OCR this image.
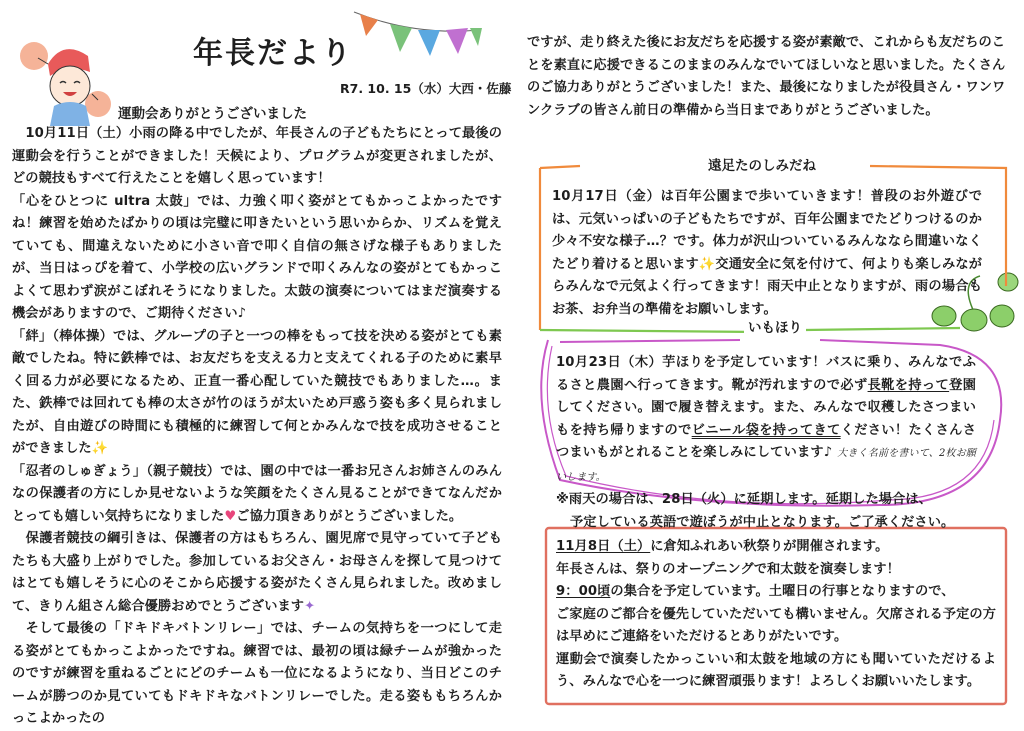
年長だより
R7. 10. 15（水）大西・佐藤
運動会ありがとうございました

　10月11日（土）小雨の降る中でしたが、年長さんの子どもたちにとって最後の運動会を行うことができました！天候により、プログラムが変更されましたが、どの競技もすべて行えたことを嬉しく思っています！

「心をひとつに ultra 太鼓」では、力強く叩く姿がとてもかっこよかったですね！練習を始めたばかりの頃は完璧に叩きたいという思いからか、リズムを覚えていても、間違えないために小さい音で叩く自信の無さげな様子もありましたが、当日はっぴを着て、小学校の広いグランドで叩くみんなの姿がとてもかっこよくて思わず涙がこぼれそうになりました。太鼓の演奏についてはまだ演奏する機会がありますので、ご期待ください♪

「絆」（棒体操）では、グループの子と一つの棒をもって技を決める姿がとても素敵でしたね。特に鉄棒では、お友だちを支える力と支えてくれる子のために素早く回る力が必要になるため、正直一番心配していた競技でもありました…。また、鉄棒では回れても棒の太さが竹のほうが太いため戸惑う姿も多く見られましたが、自由遊びの時間にも積極的に練習して何とかみんなで技を成功させることができました✨

「忍者のしゅぎょう」（親子競技）では、園の中では一番お兄さんお姉さんのみんなの保護者の方にしか見せないような笑顔をたくさん見ることができてなんだかとっても嬉しい気持ちになりました♥ご協力頂きありがとうございました。

　保護者競技の綱引きは、保護者の方はもちろん、園児席で見守っていて子どもたちも大盛り上がりでした。参加しているお父さん・お母さんを探して見つけてはとても嬉しそうに心のそこから応援する姿がたくさん見られました。改めまして、きりん組さん総合優勝おめでとうございます✦

　そして最後の「ドキドキバトンリレー」では、チームの気持ちを一つにして走る姿がとてもかっこよかったですね。練習では、最初の頃は緑チームが強かったのですが練習を重ねるごとにどのチームも一位になるようになり、当日どこのチームが勝つのか見ていてもドキドキなバトンリレーでした。走る姿ももちろんかっこよかったの

ですが、走り終えた後にお友だちを応援する姿が素敵で、これからも友だちのことを素直に応援できるこのままのみんなでいてほしいなと思いました。たくさんのご協力ありがとうございました！また、最後になりましたが役員さん・ワンワンクラブの皆さん前日の準備から当日までありがとうございました。
遠足たのしみだね

10月17日（金）は百年公園まで歩いていきます！普段のお外遊びでは、元気いっぱいの子どもたちですが、百年公園までたどりつけるのか少々不安な様子…？です。体力が沢山ついているみんななら間違いなくたどり着けると思います✨交通安全に気を付けて、何よりも楽しみながらみんなで元気よく行ってきます！雨天中止となりますが、雨の場合もお茶、お弁当の準備をお願いします。

いもほり

10月23日（木）芋ほりを予定しています！バスに乗り、みんなでふるさと農園へ行ってきます。靴が汚れますので必ず長靴を持って登園してください。園で履き替えます。また、みんなで収穫したさつまいもを持ち帰りますのでビニール袋を持ってきてください！たくさんさつまいもがとれることを楽しみにしています♪ 大きく名前を書いて、2枚お願いします。

※雨天の場合は、28日（火）に延期します。延期した場合は、

予定している英語で遊ぼうが中止となります。ご了承ください。

11月8日（土）に倉知ふれあい秋祭りが開催されます。

年長さんは、祭りのオープニングで和太鼓を演奏します！

9：00頃の集合を予定しています。土曜日の行事となりますので、

ご家庭のご都合を優先していただいても構いません。欠席される予定の方は早めにご連絡をいただけるとありがたいです。

運動会で演奏したかっこいい和太鼓を地域の方にも聞いていただけるよう、みんなで心を一つに練習頑張ります！よろしくお願いいたします。
